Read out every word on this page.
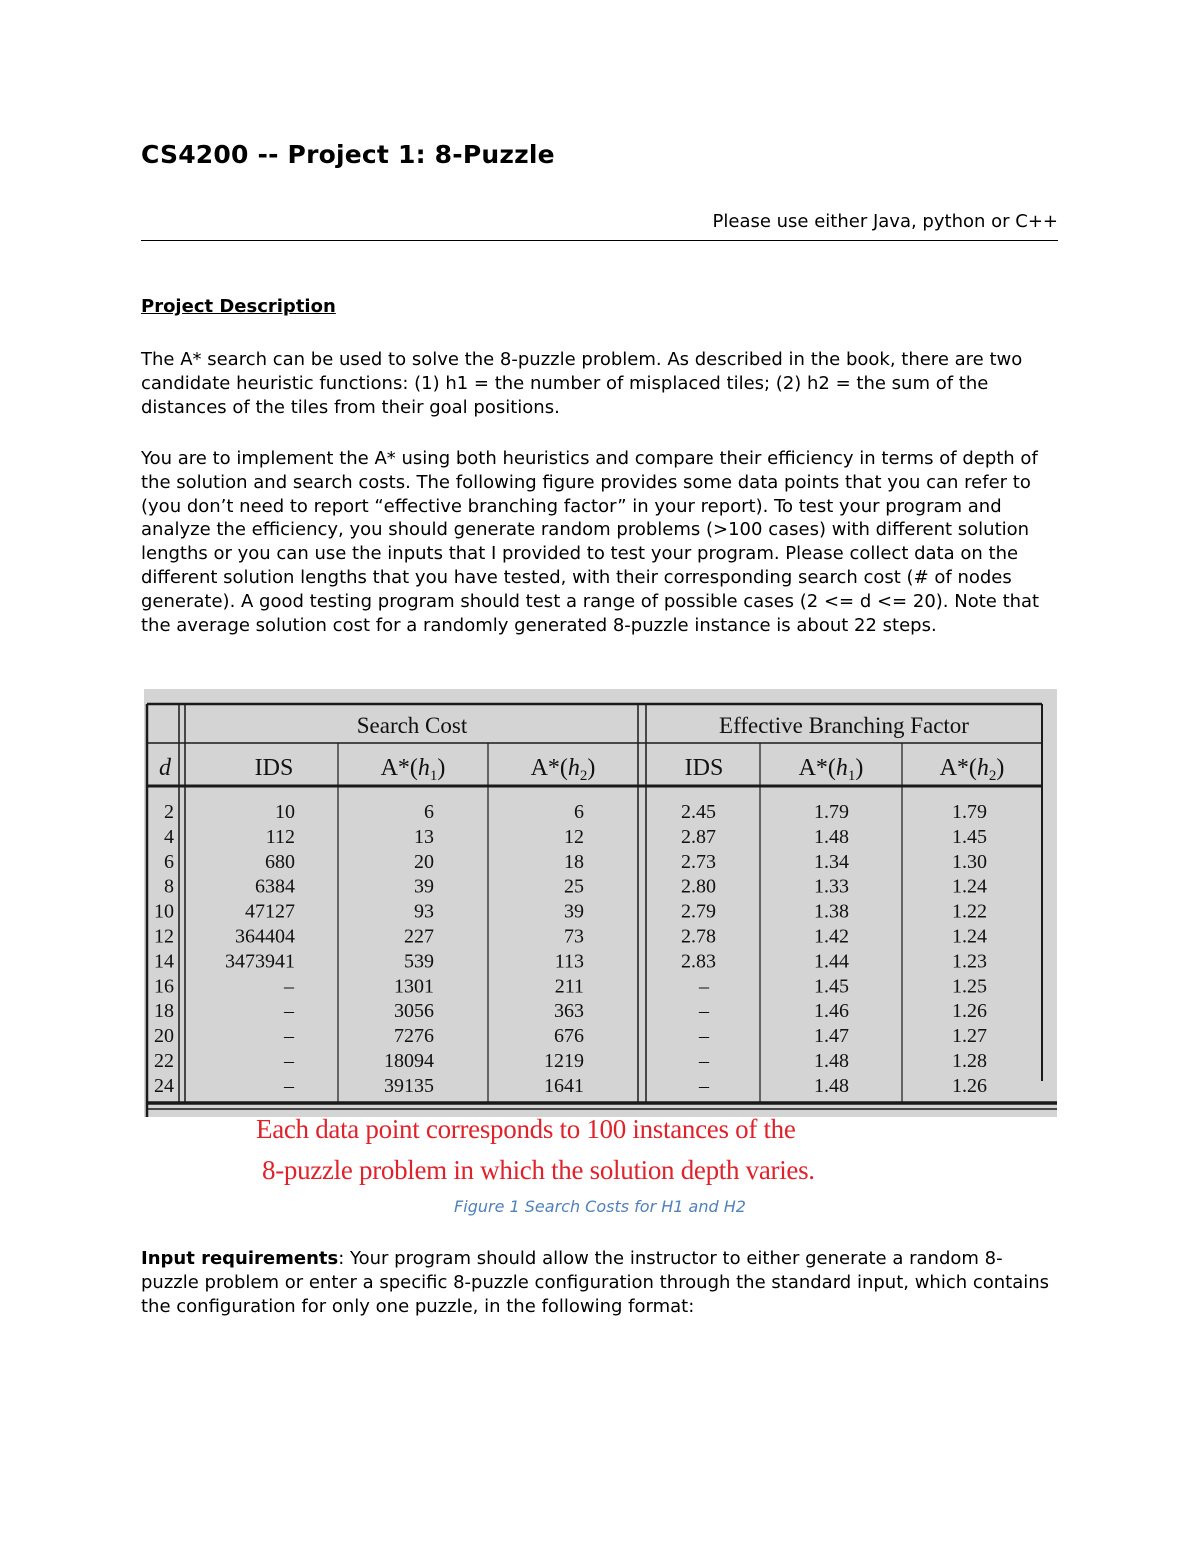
CS4200 -- Project 1: 8-Puzzle
Please use either Java, python or C++
Project Description

The A* search can be used to solve the 8-puzzle problem. As described in the book, there are two candidate heuristic functions: (1) h1 = the number of misplaced tiles; (2) h2 = the sum of the distances of the tiles from their goal positions.

You are to implement the A* using both heuristics and compare their efficiency in terms of depth of the solution and search costs. The following figure provides some data points that you can refer to (you don’t need to report “effective branching factor” in your report). To test your program and analyze the efficiency, you should generate random problems (>100 cases) with different solution lengths or you can use the inputs that I provided to test your program. Please collect data on the different solution lengths that you have tested, with their corresponding search cost (# of nodes generate). A good testing program should test a range of possible cases (2 <= d <= 20). Note that the average solution cost for a randomly generated 8-puzzle instance is about 22 steps.

Input requirements: Your program should allow the instructor to either generate a random 8-puzzle problem or enter a specific 8-puzzle configuration through the standard input, which contains the configuration for only one puzzle, in the following format:

Search Cost	Effective Branching Factor
d	IDS	$A*(h_1)$	$A*(h_2)$	IDS	$A*(h_1)$	$A*(h_2)$
2	10	6	6	2.45	1.79	1.79
4	112	13	12	2.87	1.48	1.45
6	680	20	18	2.73	1.34	1.30
8	6384	39	25	2.80	1.33	1.24
10	47127	93	39	2.79	1.38	1.22
12	364404	227	73	2.78	1.42	1.24
14	3473941	539	113	2.83	1.44	1.23
16	–	1301	211	–	1.45	1.25
18	–	3056	363	–	1.46	1.26
20	–	7276	676	–	1.47	1.27
22	–	18094	1219	–	1.48	1.28
24	–	39135	1641	–	1.48	1.26

Each data point corresponds to 100 instances of the

8-puzzle problem in which the solution depth varies.

Figure 1 Search Costs for H1 and H2
